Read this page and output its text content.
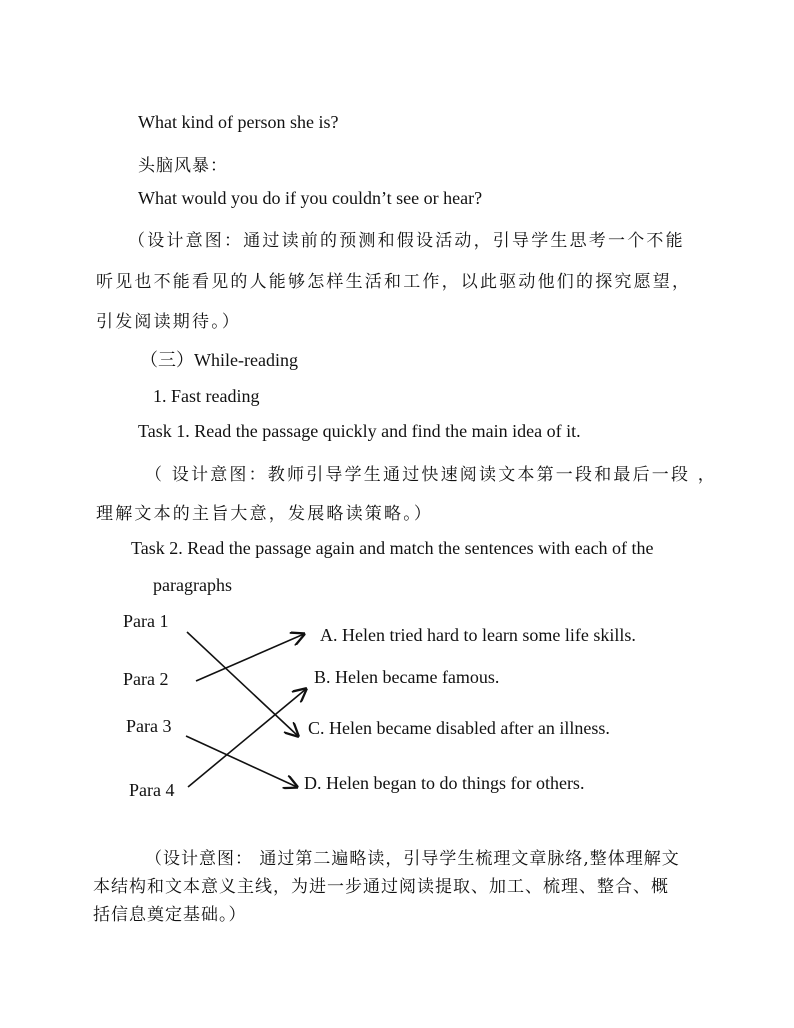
What kind of person she is?
头脑风暴：
What would you do if you couldn’t see or hear?
（设计意图：通过读前的预测和假设活动，引导学生思考一个不能
听见也不能看见的人能够怎样生活和工作，以此驱动他们的探究愿望，
引发阅读期待。）
（三）While-reading
1. Fast reading
Task 1. Read the passage quickly and find the main idea of it.
（ 设计意图：教师引导学生通过快速阅读文本第一段和最后一段 ，
理解文本的主旨大意，发展略读策略。）
Task 2. Read the passage again and match the sentences with each of the
paragraphs
Para 1
Para 2
Para 3
Para 4
A. Helen tried hard to learn some life skills.
B. Helen became famous.
C. Helen became disabled after an illness.
D. Helen began to do things for others.
（设计意图： 通过第二遍略读，引导学生梳理文章脉络,整体理解文
本结构和文本意义主线，为进一步通过阅读提取、加工、梳理、整合、概
括信息奠定基础。）
